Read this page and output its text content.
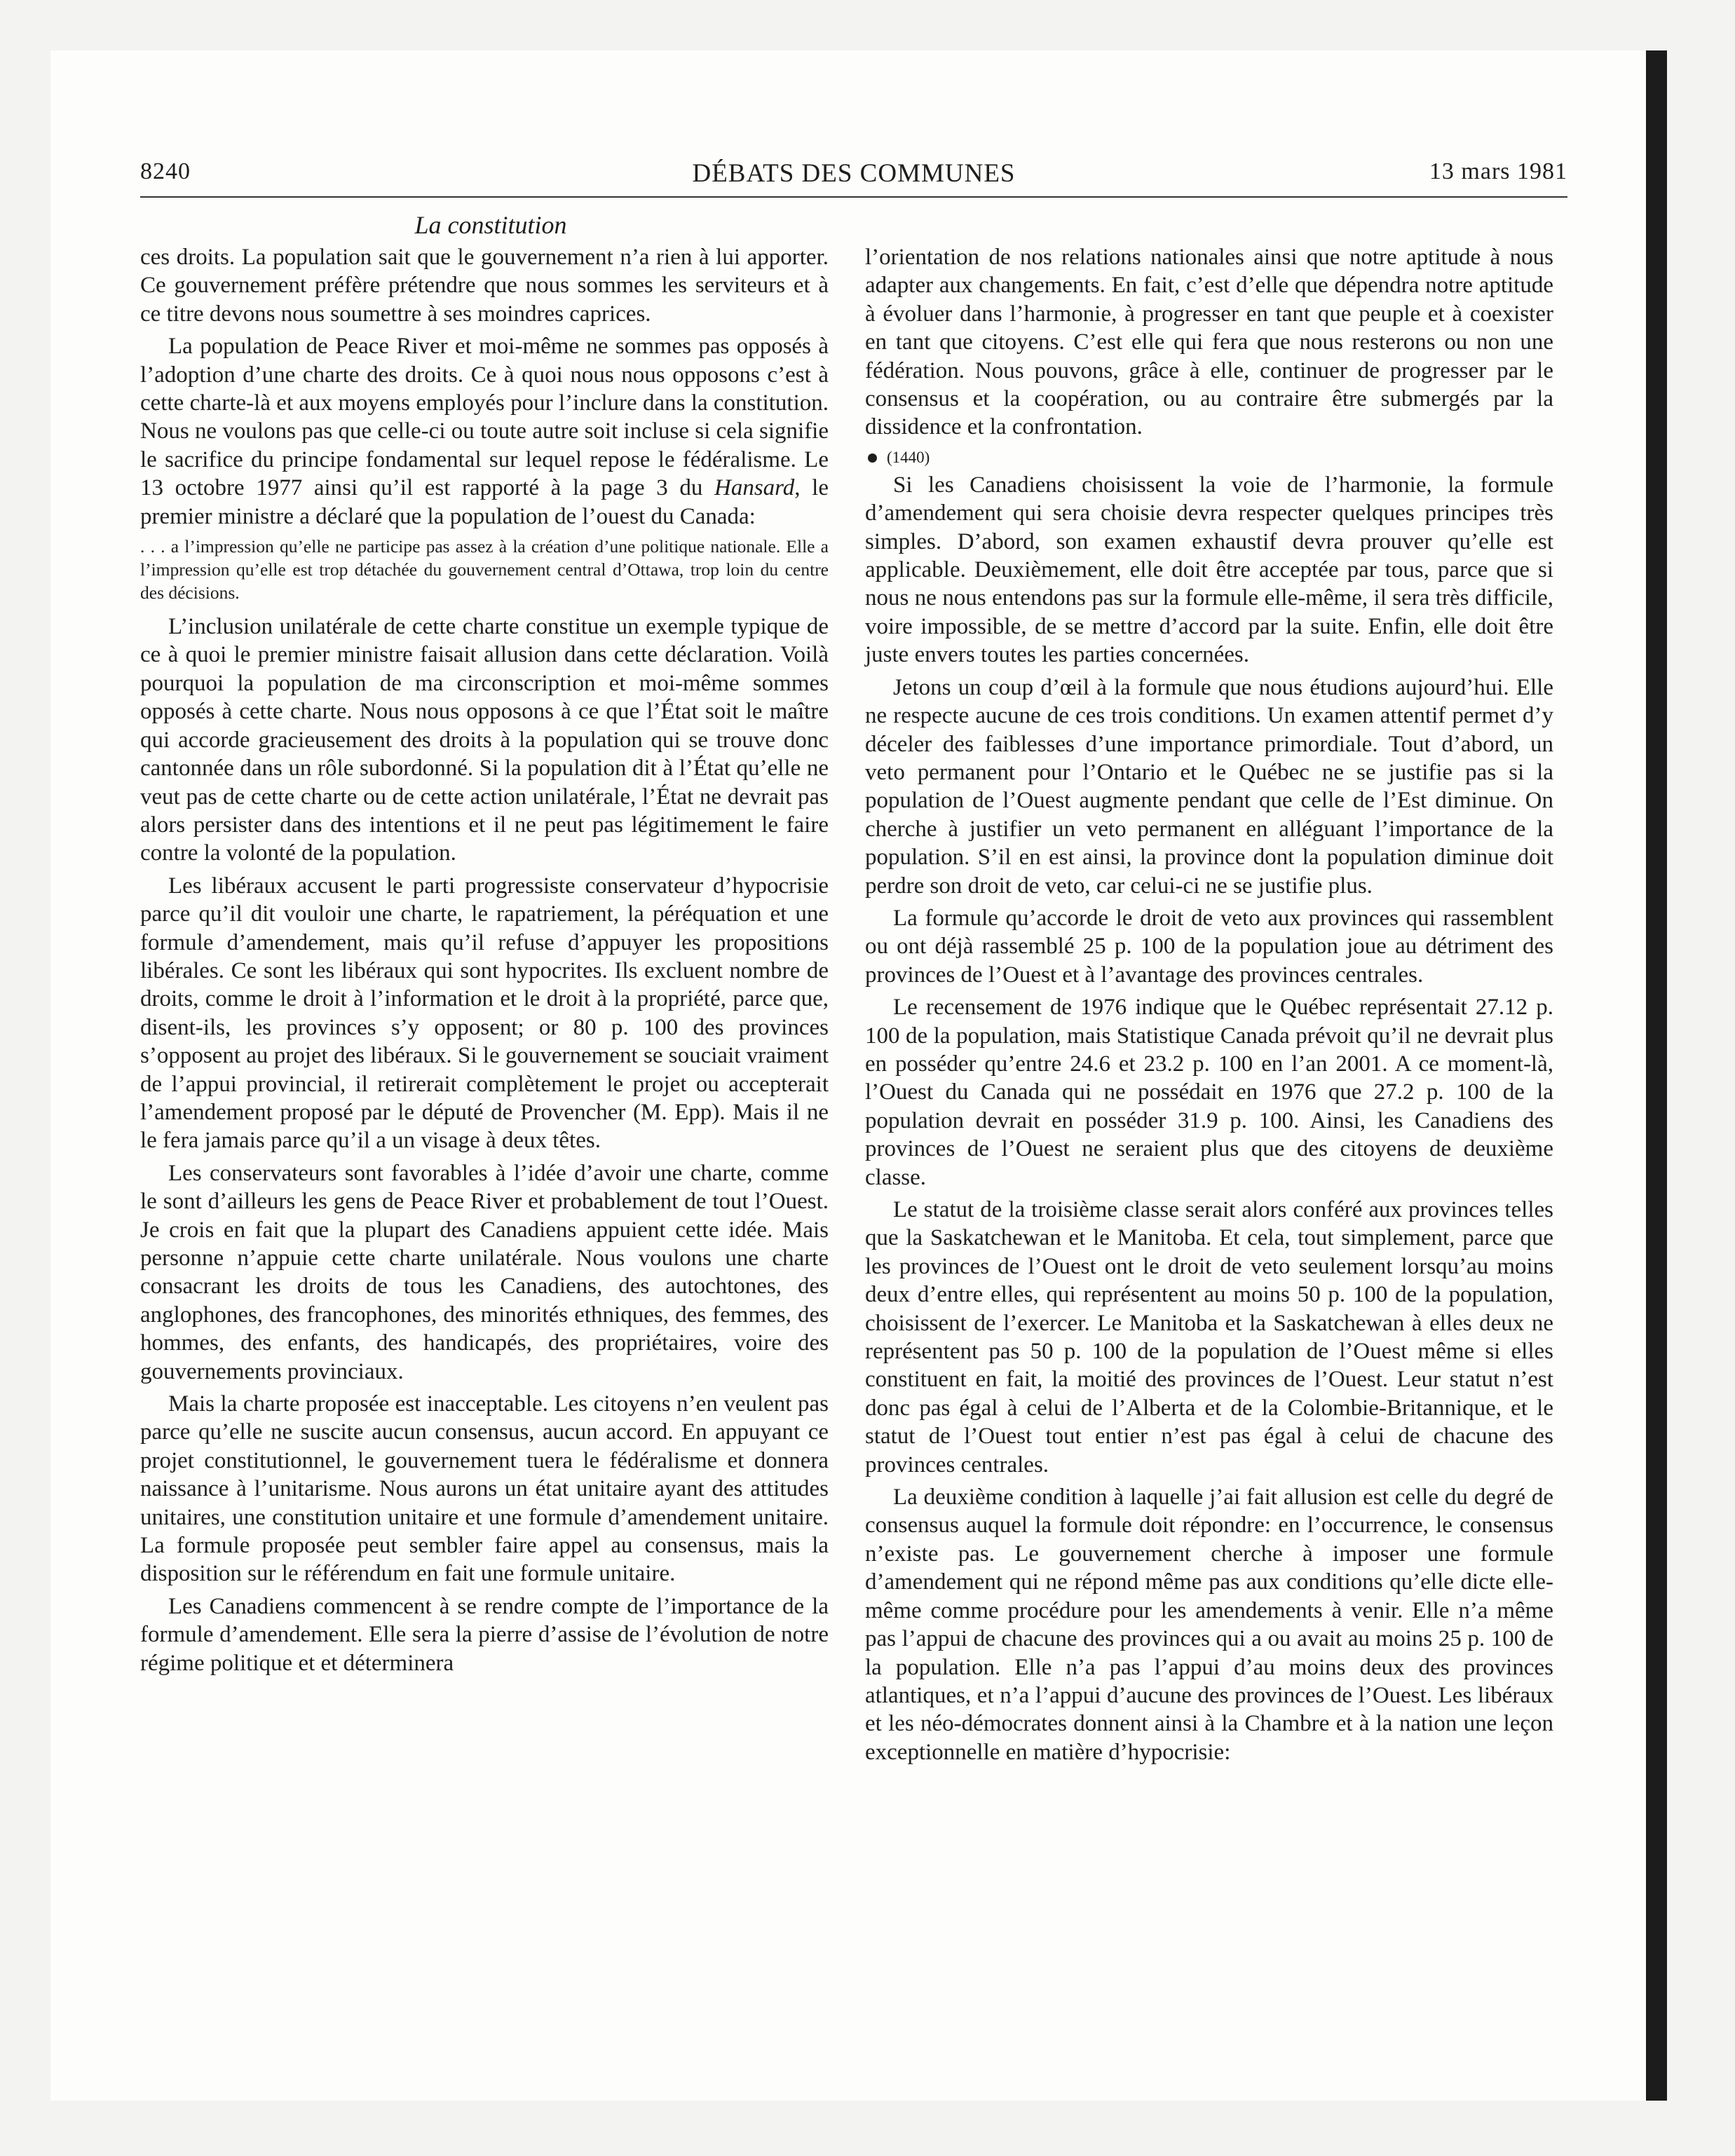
8240	DÉBATS DES COMMUNES	13 mars 1981
La constitution

ces droits. La population sait que le gouvernement n’a rien à lui apporter. Ce gouvernement préfère prétendre que nous sommes les serviteurs et à ce titre devons nous soumettre à ses moindres caprices.

La population de Peace River et moi-même ne sommes pas opposés à l’adoption d’une charte des droits. Ce à quoi nous nous opposons c’est à cette charte-là et aux moyens employés pour l’inclure dans la constitution. Nous ne voulons pas que celle-ci ou toute autre soit incluse si cela signifie le sacrifice du principe fondamental sur lequel repose le fédéralisme. Le 13 octobre 1977 ainsi qu’il est rapporté à la page 3 du Hansard, le premier ministre a déclaré que la population de l’ouest du Canada:

. . . a l’impression qu’elle ne participe pas assez à la création d’une politique nationale. Elle a l’impression qu’elle est trop détachée du gouvernement central d’Ottawa, trop loin du centre des décisions.

L’inclusion unilatérale de cette charte constitue un exemple typique de ce à quoi le premier ministre faisait allusion dans cette déclaration. Voilà pourquoi la population de ma circonscription et moi-même sommes opposés à cette charte. Nous nous opposons à ce que l’État soit le maître qui accorde gracieusement des droits à la population qui se trouve donc cantonnée dans un rôle subordonné. Si la population dit à l’État qu’elle ne veut pas de cette charte ou de cette action unilatérale, l’État ne devrait pas alors persister dans des intentions et il ne peut pas légitimement le faire contre la volonté de la population.

Les libéraux accusent le parti progressiste conservateur d’hypocrisie parce qu’il dit vouloir une charte, le rapatriement, la péréquation et une formule d’amendement, mais qu’il refuse d’appuyer les propositions libérales. Ce sont les libéraux qui sont hypocrites. Ils excluent nombre de droits, comme le droit à l’information et le droit à la propriété, parce que, disent-ils, les provinces s’y opposent; or 80 p. 100 des provinces s’opposent au projet des libéraux. Si le gouvernement se souciait vraiment de l’appui provincial, il retirerait complètement le projet ou accepterait l’amendement proposé par le député de Provencher (M. Epp). Mais il ne le fera jamais parce qu’il a un visage à deux têtes.

Les conservateurs sont favorables à l’idée d’avoir une charte, comme le sont d’ailleurs les gens de Peace River et probablement de tout l’Ouest. Je crois en fait que la plupart des Canadiens appuient cette idée. Mais personne n’appuie cette charte unilatérale. Nous voulons une charte consacrant les droits de tous les Canadiens, des autochtones, des anglophones, des francophones, des minorités ethniques, des femmes, des hommes, des enfants, des handicapés, des propriétaires, voire des gouvernements provinciaux.

Mais la charte proposée est inacceptable. Les citoyens n’en veulent pas parce qu’elle ne suscite aucun consensus, aucun accord. En appuyant ce projet constitutionnel, le gouvernement tuera le fédéralisme et donnera naissance à l’unitarisme. Nous aurons un état unitaire ayant des attitudes unitaires, une constitution unitaire et une formule d’amendement unitaire. La formule proposée peut sembler faire appel au consensus, mais la disposition sur le référendum en fait une formule unitaire.

Les Canadiens commencent à se rendre compte de l’importance de la formule d’amendement. Elle sera la pierre d’assise de l’évolution de notre régime politique et et déterminera

l’orientation de nos relations nationales ainsi que notre aptitude à nous adapter aux changements. En fait, c’est d’elle que dépendra notre aptitude à évoluer dans l’harmonie, à progresser en tant que peuple et à coexister en tant que citoyens. C’est elle qui fera que nous resterons ou non une fédération. Nous pouvons, grâce à elle, continuer de progresser par le consensus et la coopération, ou au contraire être submergés par la dissidence et la confrontation.

(1440)

Si les Canadiens choisissent la voie de l’harmonie, la formule d’amendement qui sera choisie devra respecter quelques principes très simples. D’abord, son examen exhaustif devra prouver qu’elle est applicable. Deuxièmement, elle doit être acceptée par tous, parce que si nous ne nous entendons pas sur la formule elle-même, il sera très difficile, voire impossible, de se mettre d’accord par la suite. Enfin, elle doit être juste envers toutes les parties concernées.

Jetons un coup d’œil à la formule que nous étudions aujourd’hui. Elle ne respecte aucune de ces trois conditions. Un examen attentif permet d’y déceler des faiblesses d’une importance primordiale. Tout d’abord, un veto permanent pour l’Ontario et le Québec ne se justifie pas si la population de l’Ouest augmente pendant que celle de l’Est diminue. On cherche à justifier un veto permanent en alléguant l’importance de la population. S’il en est ainsi, la province dont la population diminue doit perdre son droit de veto, car celui-ci ne se justifie plus.

La formule qu’accorde le droit de veto aux provinces qui rassemblent ou ont déjà rassemblé 25 p. 100 de la population joue au détriment des provinces de l’Ouest et à l’avantage des provinces centrales.

Le recensement de 1976 indique que le Québec représentait 27.12 p. 100 de la population, mais Statistique Canada prévoit qu’il ne devrait plus en posséder qu’entre 24.6 et 23.2 p. 100 en l’an 2001. A ce moment-là, l’Ouest du Canada qui ne possédait en 1976 que 27.2 p. 100 de la population devrait en posséder 31.9 p. 100. Ainsi, les Canadiens des provinces de l’Ouest ne seraient plus que des citoyens de deuxième classe.

Le statut de la troisième classe serait alors conféré aux provinces telles que la Saskatchewan et le Manitoba. Et cela, tout simplement, parce que les provinces de l’Ouest ont le droit de veto seulement lorsqu’au moins deux d’entre elles, qui représentent au moins 50 p. 100 de la population, choisissent de l’exercer. Le Manitoba et la Saskatchewan à elles deux ne représentent pas 50 p. 100 de la population de l’Ouest même si elles constituent en fait, la moitié des provinces de l’Ouest. Leur statut n’est donc pas égal à celui de l’Alberta et de la Colombie-Britannique, et le statut de l’Ouest tout entier n’est pas égal à celui de chacune des provinces centrales.

La deuxième condition à laquelle j’ai fait allusion est celle du degré de consensus auquel la formule doit répondre: en l’occurrence, le consensus n’existe pas. Le gouvernement cherche à imposer une formule d’amendement qui ne répond même pas aux conditions qu’elle dicte elle-même comme procédure pour les amendements à venir. Elle n’a même pas l’appui de chacune des provinces qui a ou avait au moins 25 p. 100 de la population. Elle n’a pas l’appui d’au moins deux des provinces atlantiques, et n’a l’appui d’aucune des provinces de l’Ouest. Les libéraux et les néo-démocrates donnent ainsi à la Chambre et à la nation une leçon exceptionnelle en matière d’hypocrisie:
